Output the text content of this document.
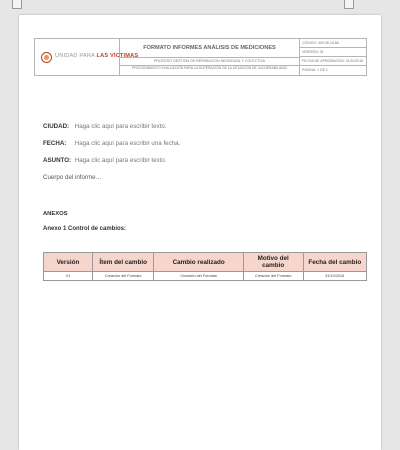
UNIDAD PARA LAS VÍCTIMAS
FORMATO INFORMES ANÁLISIS DE MEDICIONES
PROCESO GESTION DE REPARACIÓN INDIVIDUAL Y COLECTIVA
PROCEDIMIENTO EVALUACIÓN PARA LA SUPERACIÓN DE LA SITUACIÓN DE VULNERABILIDAD
CÓDIGO: 400.08.15-86
VERSIÓN: 01
FECHA DE APROBACIÓN: 31/10/2016
PÁGINA: 1 DE 1
CIUDAD: Haga clic aquí para escribir texto.
FECHA: Haga clic aquí para escribir una fecha.
ASUNTO: Haga clic aquí para escribir texto.
Cuerpo del informe…
ANEXOS
Anexo 1 Control de cambios:
Versión	Ítem del cambio	Cambio realizado	Motivo del cambio	Fecha del cambio
V1	Creación del Formato	Creación del Formato	Creación del Formato	31/10/2016
